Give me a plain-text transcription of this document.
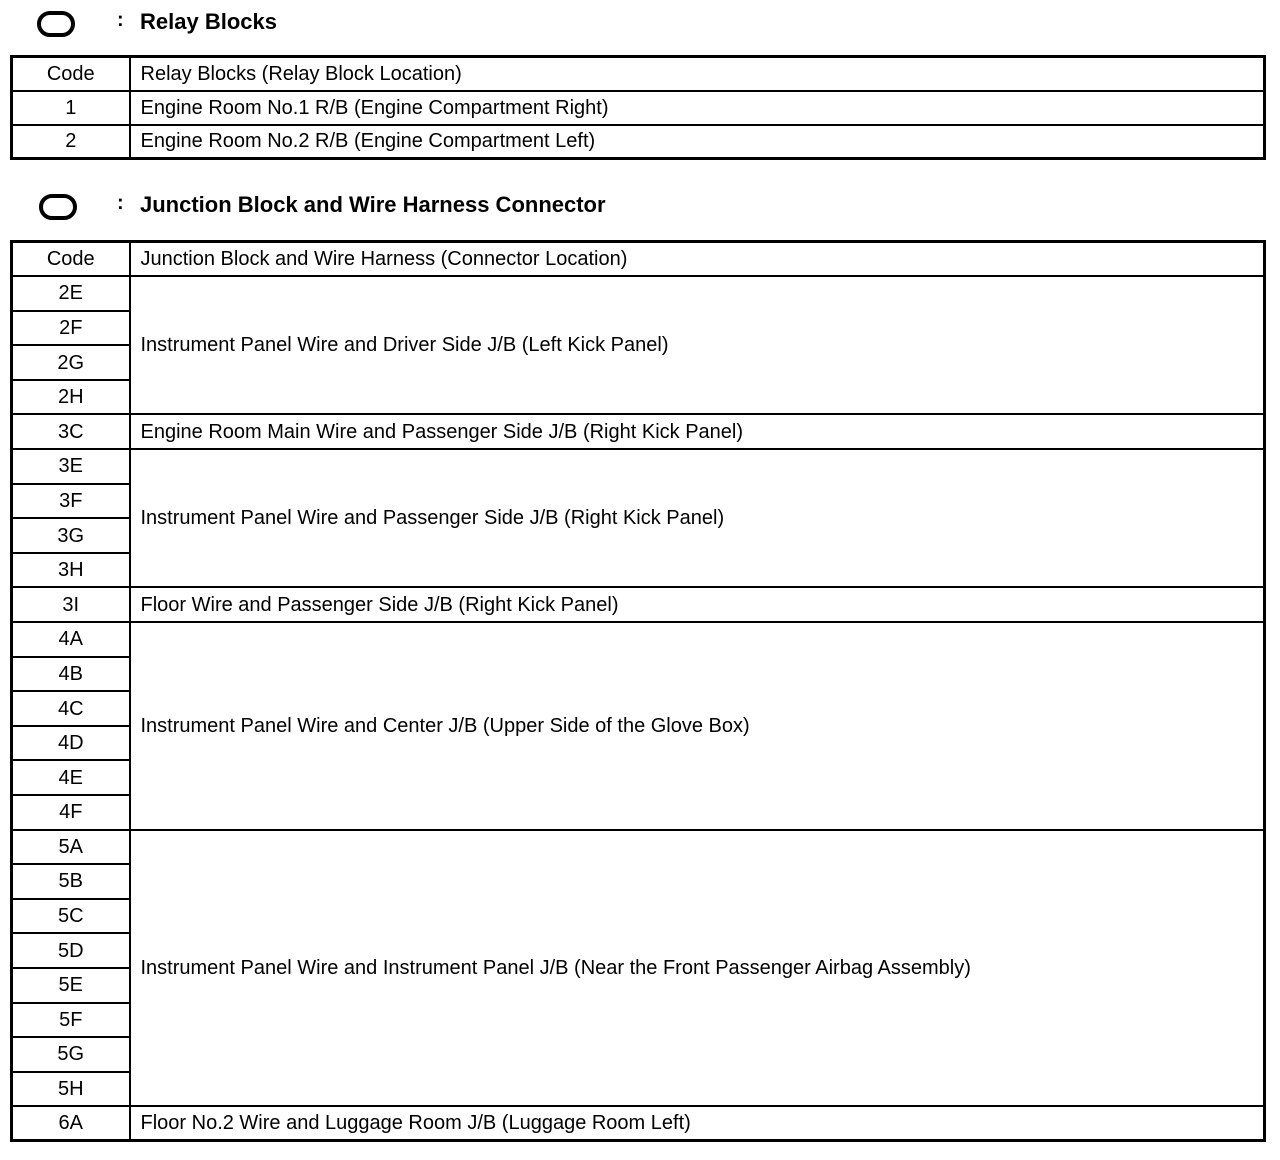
: Relay Blocks
Code	Relay Blocks (Relay Block Location)
1	Engine Room No.1 R/B (Engine Compartment Right)
2	Engine Room No.2 R/B (Engine Compartment Left)
: Junction Block and Wire Harness Connector
Code	Junction Block and Wire Harness (Connector Location)
2E	Instrument Panel Wire and Driver Side J/B (Left Kick Panel)
2F	
2G	
2H	
3C	Engine Room Main Wire and Passenger Side J/B (Right Kick Panel)
3E	Instrument Panel Wire and Passenger Side J/B (Right Kick Panel)
3F	
3G	
3H	
3I	Floor Wire and Passenger Side J/B (Right Kick Panel)
4A	Instrument Panel Wire and Center J/B (Upper Side of the Glove Box)
4B	
4C	
4D	
4E	
4F	
5A	Instrument Panel Wire and Instrument Panel J/B (Near the Front Passenger Airbag Assembly)
5B	
5C	
5D	
5E	
5F	
5G	
5H	
6A	Floor No.2 Wire and Luggage Room J/B (Luggage Room Left)
